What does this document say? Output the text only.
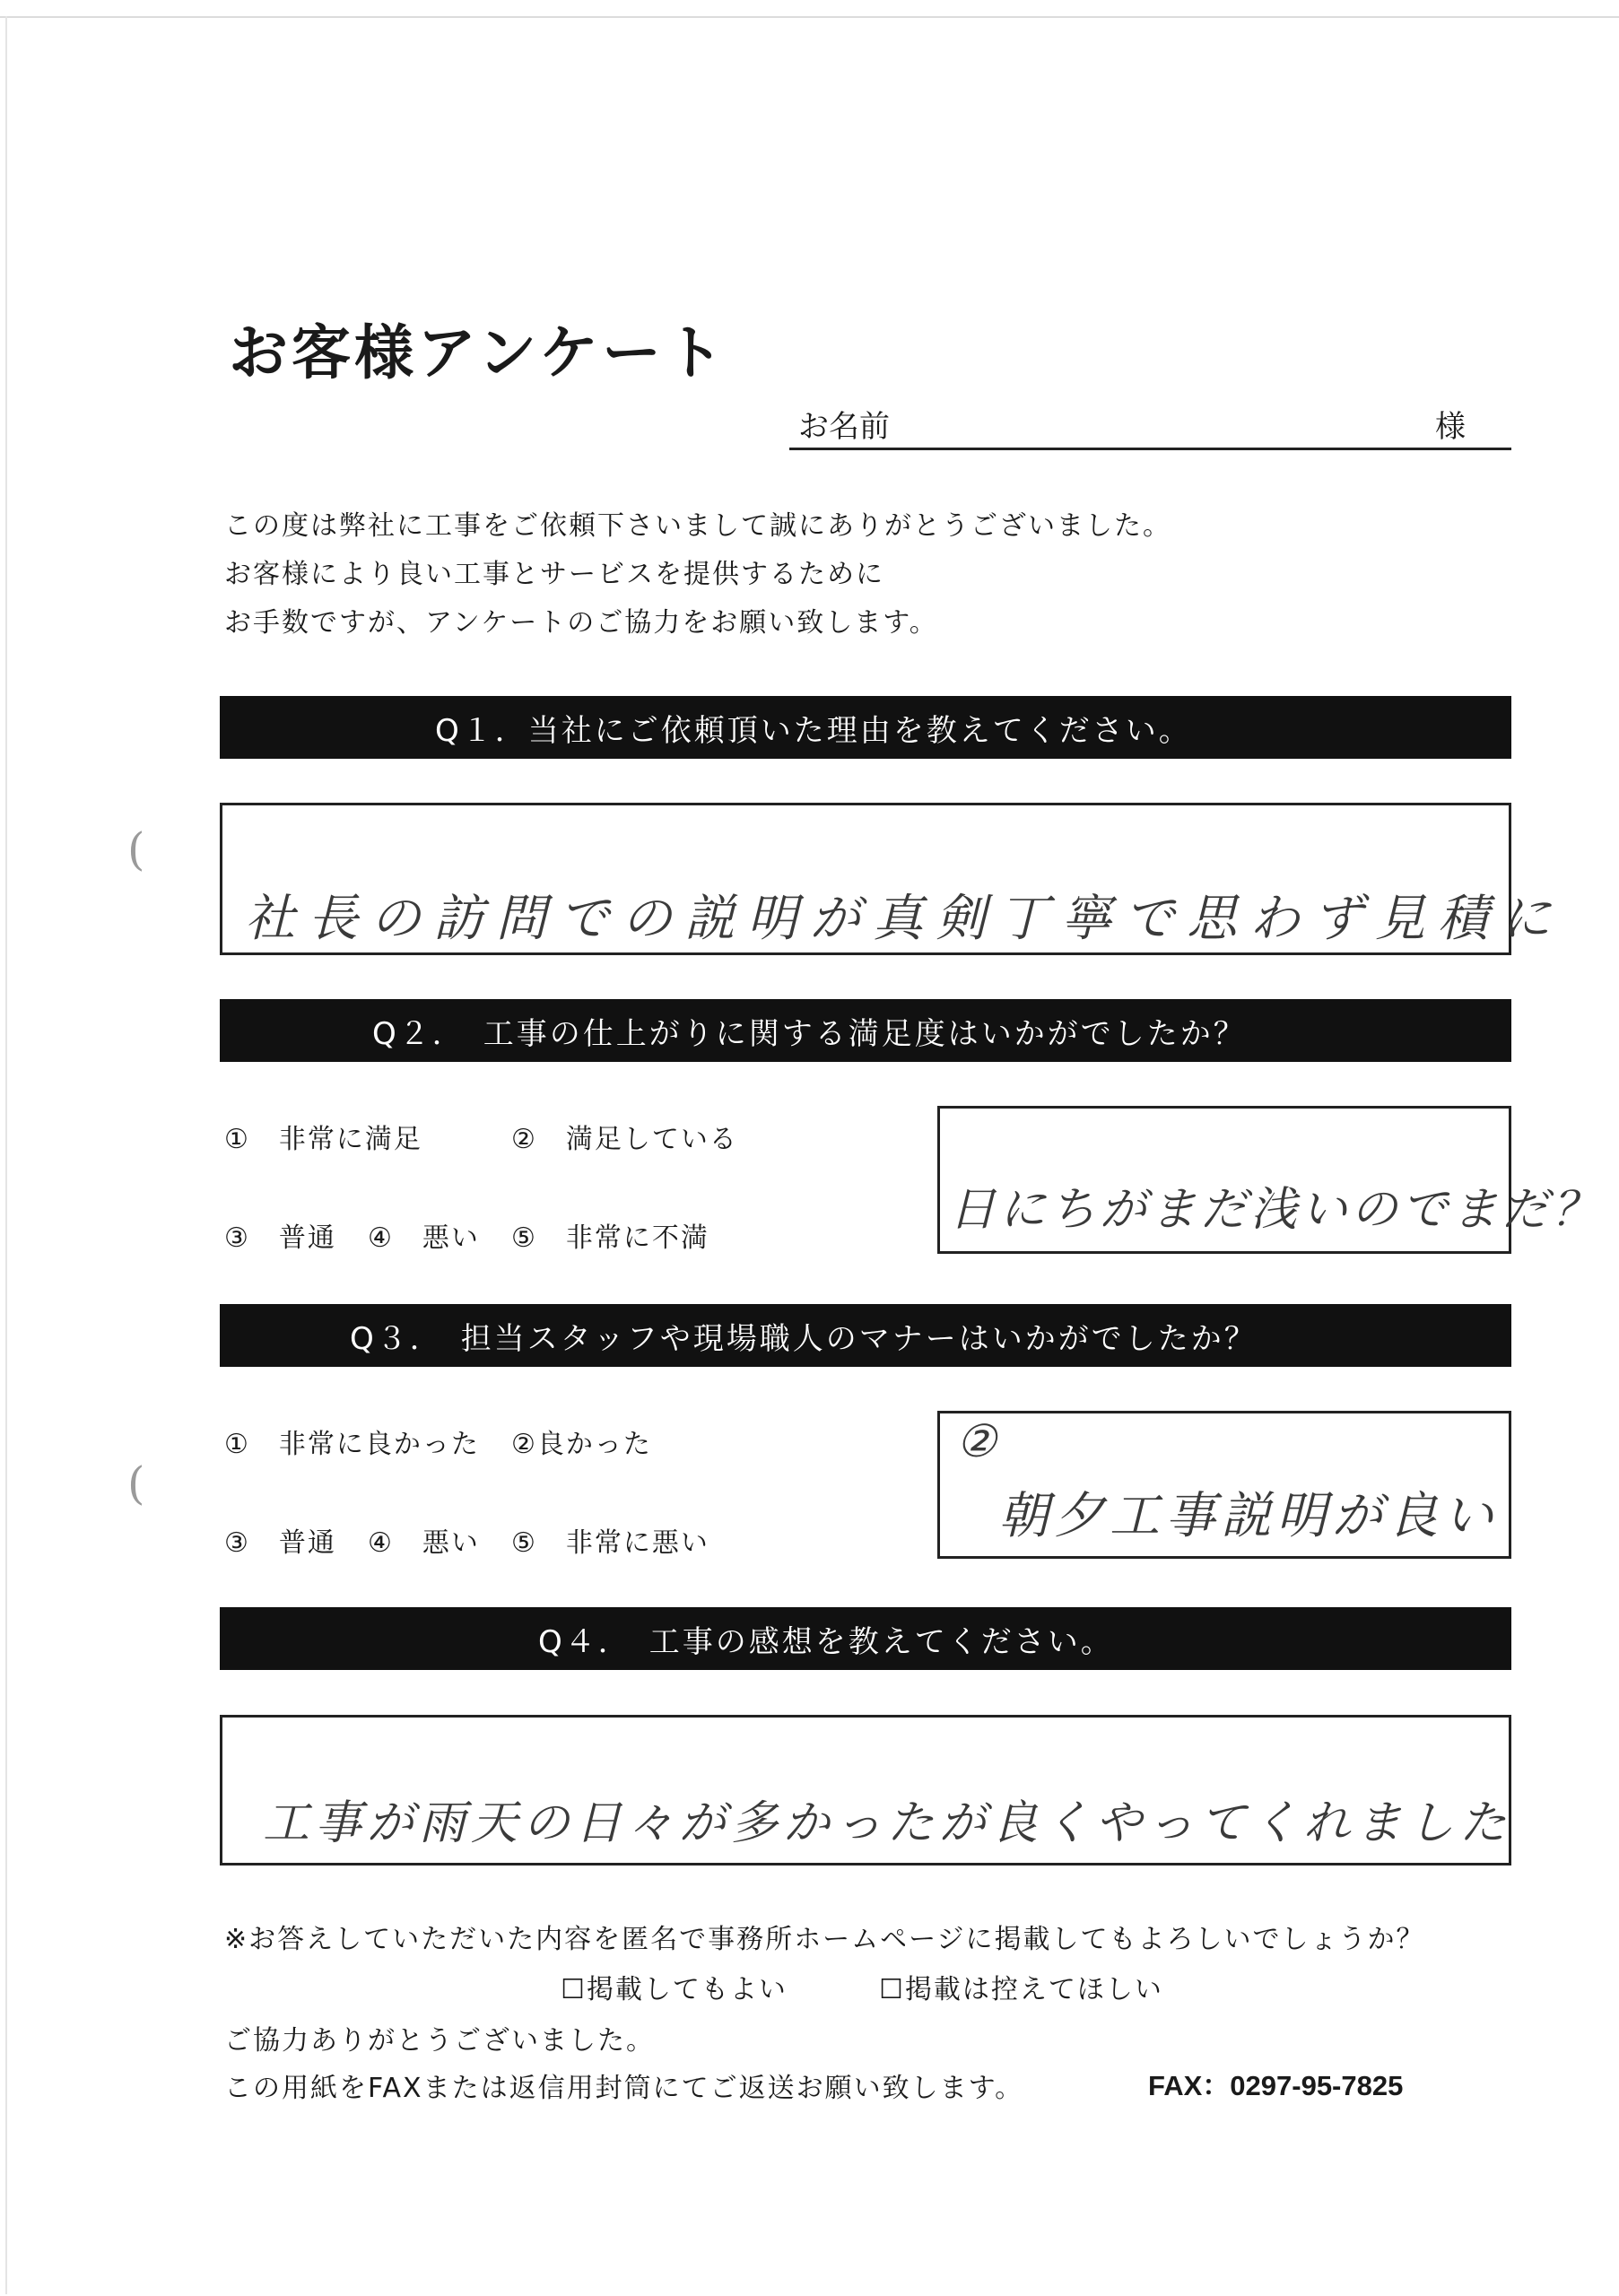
お客様アンケート
お名前	様

この度は弊社に工事をご依頼下さいまして誠にありがとうございました。

お客様により良い工事とサービスを提供するために

お手数ですが、アンケートのご協力をお願い致します。

Q１．当社にご依頼頂いた理由を教えてください。
(
社長の訪問での説明が真剣丁寧で思わず見積に
Q２．　工事の仕上がりに関する満足度はいかがでしたか？
①　非常に満足	②　満足している
③　普通 ④　悪い ⑤　非常に不満
日にちがまだ浅いのでまだ？
Q３．　担当スタッフや現場職人のマナーはいかがでしたか？
①　非常に良かった ②良かった
③　普通 ④　悪い ⑤　非常に悪い
(
②
朝夕工事説明が良い
Q４．　工事の感想を教えてください。
工事が雨天の日々が多かったが良くやってくれました
※お答えしていただいた内容を匿名で事務所ホームページに掲載してもよろしいでしょうか？
☐掲載してもよい	☐掲載は控えてほしい
ご協力ありがとうございました。
この用紙をFAXまたは返信用封筒にてご返送お願い致します。	FAX：0297-95-7825
